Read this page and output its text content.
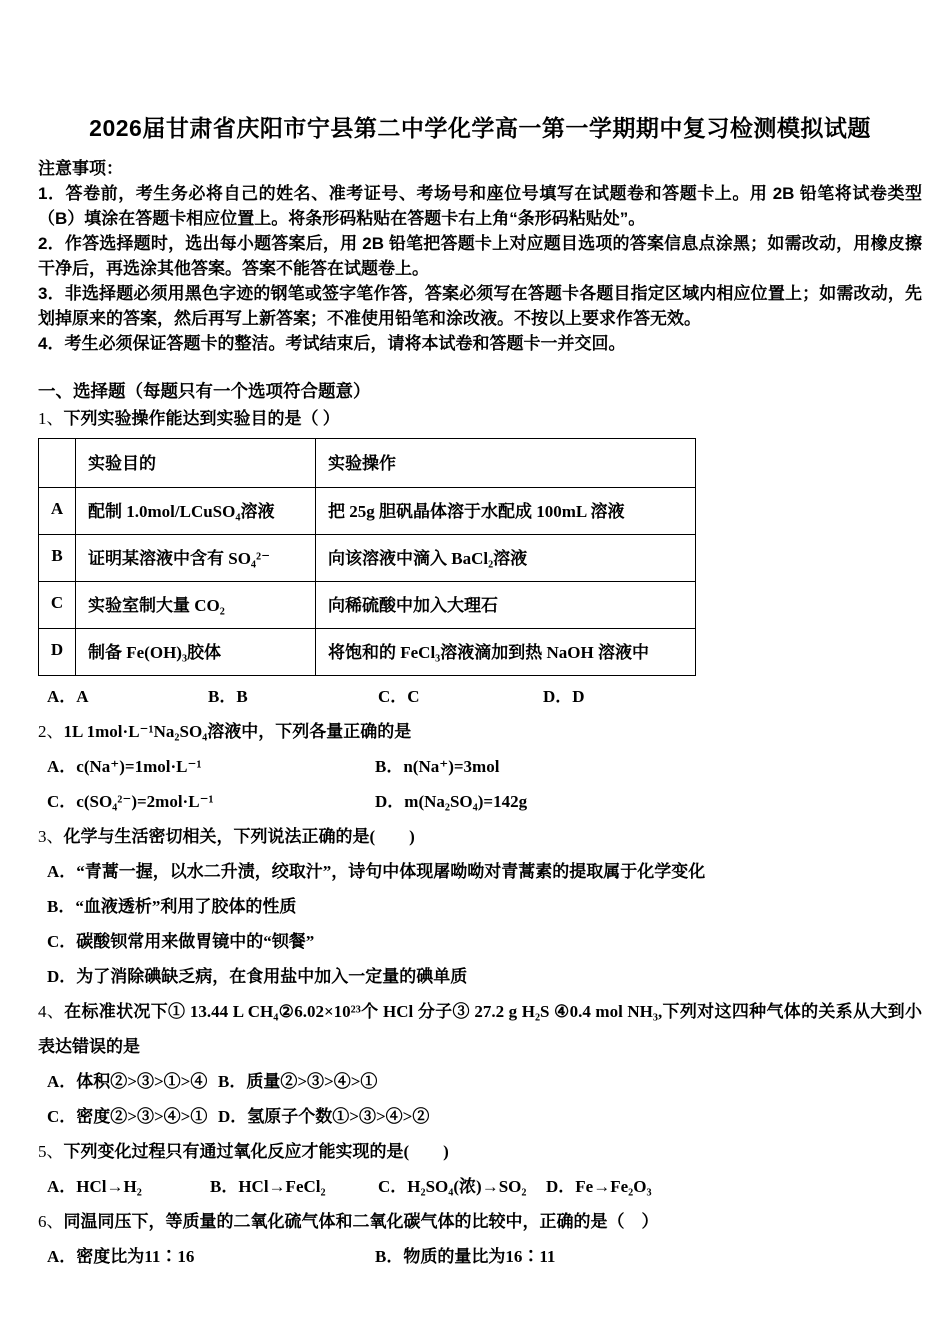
2026届甘肃省庆阳市宁县第二中学化学高一第一学期期中复习检测模拟试题
注意事项：

1．答卷前，考生务必将自己的姓名、准考证号、考场号和座位号填写在试题卷和答题卡上。用 2B 铅笔将试卷类型（B）填涂在答题卡相应位置上。将条形码粘贴在答题卡右上角“条形码粘贴处”。

2．作答选择题时，选出每小题答案后，用 2B 铅笔把答题卡上对应题目选项的答案信息点涂黑；如需改动，用橡皮擦干净后，再选涂其他答案。答案不能答在试题卷上。

3．非选择题必须用黑色字迹的钢笔或签字笔作答，答案必须写在答题卡各题目指定区域内相应位置上；如需改动，先划掉原来的答案，然后再写上新答案；不准使用铅笔和涂改液。不按以上要求作答无效。

4．考生必须保证答题卡的整洁。考试结束后，请将本试卷和答题卡一并交回。

一、选择题（每题只有一个选项符合题意）

1、下列实验操作能达到实验目的是（ ）

	实验目的	实验操作
A	配制 1.0mol/LCuSO₄溶液	把 25g 胆矾晶体溶于水配成 100mL 溶液
B	证明某溶液中含有 SO₄²⁻	向该溶液中滴入 BaCl₂溶液
C	实验室制大量 CO₂	向稀硫酸中加入大理石
D	制备 Fe(OH)₃胶体	将饱和的 FeCl₃溶液滴加到热 NaOH 溶液中
A．A	B．B	C．C	D．D

2、1L 1mol·L⁻¹Na₂SO₄溶液中，下列各量正确的是

A．c(Na⁺)=1mol·L⁻¹	B．n(Na⁺)=3mol
C．c(SO₄²⁻)=2mol·L⁻¹	D．m(Na₂SO₄)=142g

3、化学与生活密切相关，下列说法正确的是(　　)

A．“青蒿一握，以水二升渍，绞取汁”，诗句中体现屠呦呦对青蒿素的提取属于化学变化
B．“血液透析”利用了胶体的性质
C．碳酸钡常用来做胃镜中的“钡餐”
D．为了消除碘缺乏病，在食用盐中加入一定量的碘单质

4、在标准状况下① 13.44 L CH₄②6.02×10²³个 HCl 分子③ 27.2 g H₂S ④0.4 mol NH₃,下列对这四种气体的关系从大到小表达错误的是

A．体积②>③>①>④ B．质量②>③>④>①
C．密度②>③>④>① D．氢原子个数①>③>④>②

5、下列变化过程只有通过氧化反应才能实现的是(　　)

A．HCl→H₂	B．HCl→FeCl₂	C．H₂SO₄(浓)→SO₂	D．Fe→Fe₂O₃

6、同温同压下，等质量的二氧化硫气体和二氧化碳气体的比较中，正确的是（　）

A．密度比为11∶16	B．物质的量比为16∶11
